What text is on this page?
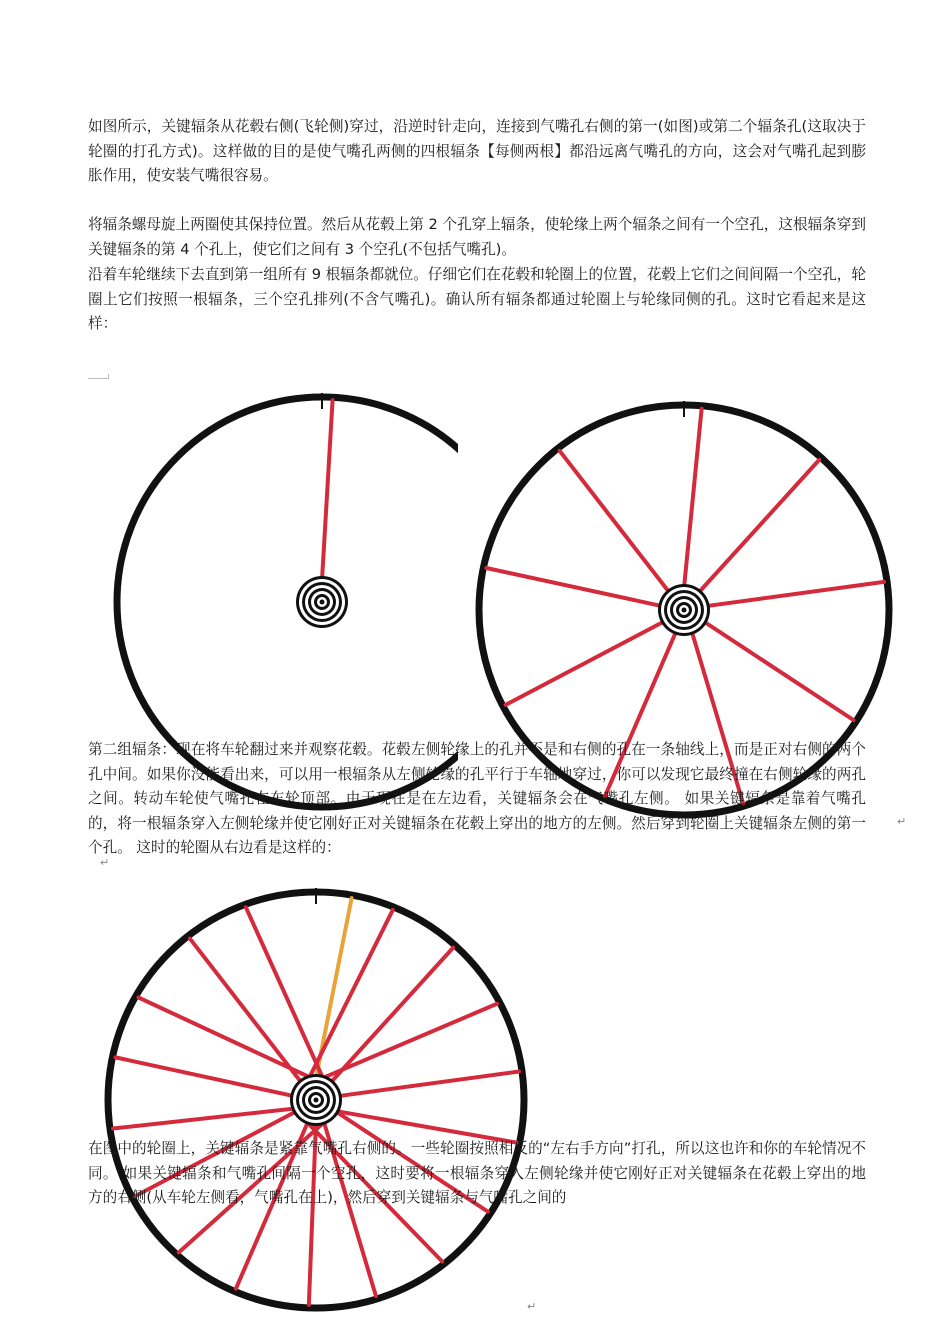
如图所示，关键辐条从花毂右侧(飞轮侧)穿过，沿逆时针走向，连接到气嘴孔右侧的第一(如图)或第二个辐条孔(这取决于轮圈的打孔方式)。这样做的目的是使气嘴孔两侧的四根辐条【每侧两根】都沿远离气嘴孔的方向，这会对气嘴孔起到膨胀作用，使安装气嘴很容易。

将辐条螺母旋上两圈使其保持位置。然后从花毂上第 2 个孔穿上辐条，使轮缘上两个辐条之间有一个空孔，这根辐条穿到关键辐条的第 4 个孔上，使它们之间有 3 个空孔(不包括气嘴孔)。

沿着车轮继续下去直到第一组所有 9 根辐条都就位。仔细它们在花毂和轮圈上的位置，花毂上它们之间间隔一个空孔，轮圈上它们按照一根辐条，三个空孔排列(不含气嘴孔)。确认所有辐条都通过轮圈上与轮缘同侧的孔。这时它看起来是这样：

第二组辐条：现在将车轮翻过来并观察花毂。花毂左侧轮缘上的孔并不是和右侧的孔在一条轴线上，而是正对右侧的两个孔中间。如果你没能看出来，可以用一根辐条从左侧轮缘的孔平行于车轴地穿过，你可以发现它最终撞在右侧轮缘的两孔之间。转动车轮使气嘴孔在车轮顶部。由于现在是在左边看，关键辐条会在气嘴孔左侧。 如果关键辐条是靠着气嘴孔的，将一根辐条穿入左侧轮缘并使它刚好正对关键辐条在花毂上穿出的地方的左侧。然后穿到轮圈上关键辐条左侧的第一个孔。 这时的轮圈从右边看是这样的：

↵
↵

在图中的轮圈上，关键辐条是紧靠气嘴孔右侧的。一些轮圈按照相反的“左右手方向”打孔，所以这也许和你的车轮情况不同。 如果关键辐条和气嘴孔间隔一个空孔，这时要将一根辐条穿入左侧轮缘并使它刚好正对关键辐条在花毂上穿出的地方的右侧(从车轮左侧看，气嘴孔在上)，然后穿到关键辐条与气嘴孔之间的

↵
